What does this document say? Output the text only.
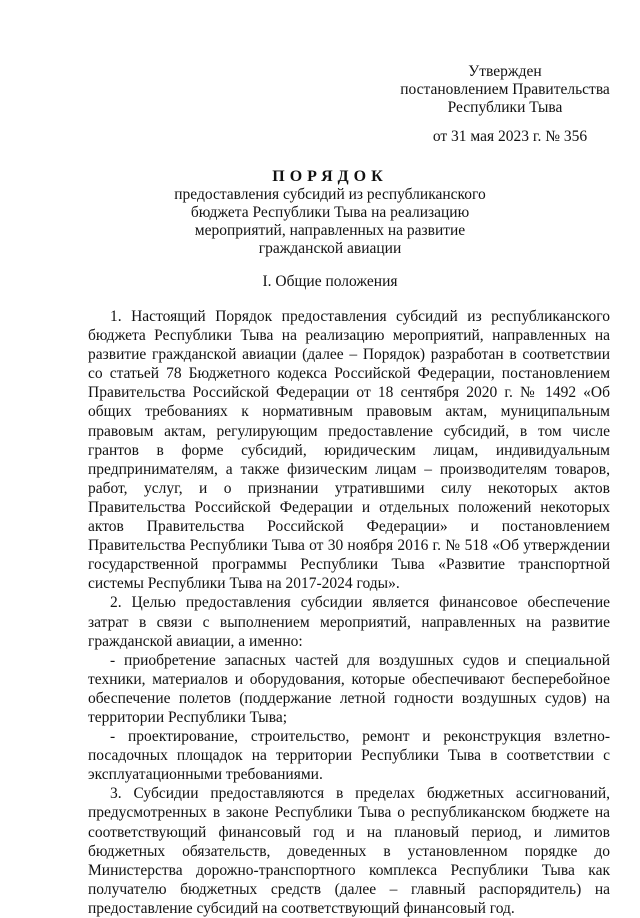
Утвержден
постановлением Правительства
Республики Тыва
от 31 мая 2023 г. № 356
ПОРЯДОК
предоставления субсидий из республиканского
бюджета Республики Тыва на реализацию
мероприятий, направленных на развитие
гражданской авиации
I. Общие положения

1. Настоящий Порядок предоставления субсидий из республиканского бюджета Республики Тыва на реализацию мероприятий, направленных на развитие гражданской авиации (далее – Порядок) разработан в соответствии со статьей 78 Бюджетного кодекса Российской Федерации, постановлением Правительства Российской Федерации от 18 сентября 2020 г. № 1492 «Об общих требованиях к нормативным правовым актам, муниципальным правовым актам, регулирующим предоставление субсидий, в том числе грантов в форме субсидий, юридическим лицам, индивидуальным предпринимателям, а также физическим лицам – производителям товаров, работ, услуг, и о признании утратившими силу некоторых актов Правительства Российской Федерации и отдельных положений некоторых актов Правительства Российской Федерации» и постановлением Правительства Республики Тыва от 30 ноября 2016 г. № 518 «Об утверждении государственной программы Республики Тыва «Развитие транспортной системы Республики Тыва на 2017-2024 годы».

2. Целью предоставления субсидии является финансовое обеспечение затрат в связи с выполнением мероприятий, направленных на развитие гражданской авиации, а именно:

- приобретение запасных частей для воздушных судов и специальной техники, материалов и оборудования, которые обеспечивают бесперебойное обеспечение полетов (поддержание летной годности воздушных судов) на территории Республики Тыва;

- проектирование, строительство, ремонт и реконструкция взлетно-посадочных площадок на территории Республики Тыва в соответствии с эксплуатационными требованиями.

3. Субсидии предоставляются в пределах бюджетных ассигнований, предусмотренных в законе Республики Тыва о республиканском бюджете на соответствующий финансовый год и на плановый период, и лимитов бюджетных обязательств, доведенных в установленном порядке до Министерства дорожно-транспортного комплекса Республики Тыва как получателю бюджетных средств (далее – главный распорядитель) на предоставление субсидий на соответствующий финансовый год.
